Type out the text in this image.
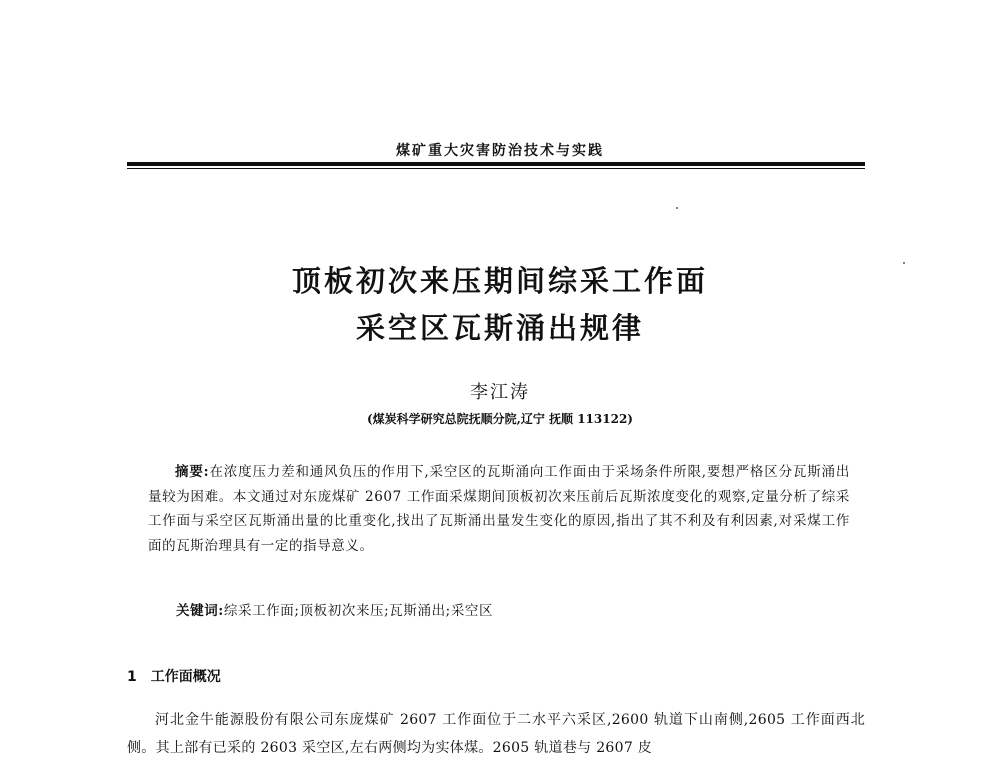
煤矿重大灾害防治技术与实践
顶板初次来压期间综采工作面
采空区瓦斯涌出规律
李江涛
(煤炭科学研究总院抚顺分院,辽宁 抚顺 113122)

摘要:在浓度压力差和通风负压的作用下,采空区的瓦斯涌向工作面由于采场条件所限,要想严格区分瓦斯涌出量较为困难。本文通过对东庞煤矿 2607 工作面采煤期间顶板初次来压前后瓦斯浓度变化的观察,定量分析了综采工作面与采空区瓦斯涌出量的比重变化,找出了瓦斯涌出量发生变化的原因,指出了其不利及有利因素,对采煤工作面的瓦斯治理具有一定的指导意义。

关键词:综采工作面;顶板初次来压;瓦斯涌出;采空区
1 工作面概况

河北金牛能源股份有限公司东庞煤矿 2607 工作面位于二水平六采区,2600 轨道下山南侧,2605 工作面西北侧。其上部有已采的 2603 采空区,左右两侧均为实体煤。2605 轨道巷与 2607 皮
